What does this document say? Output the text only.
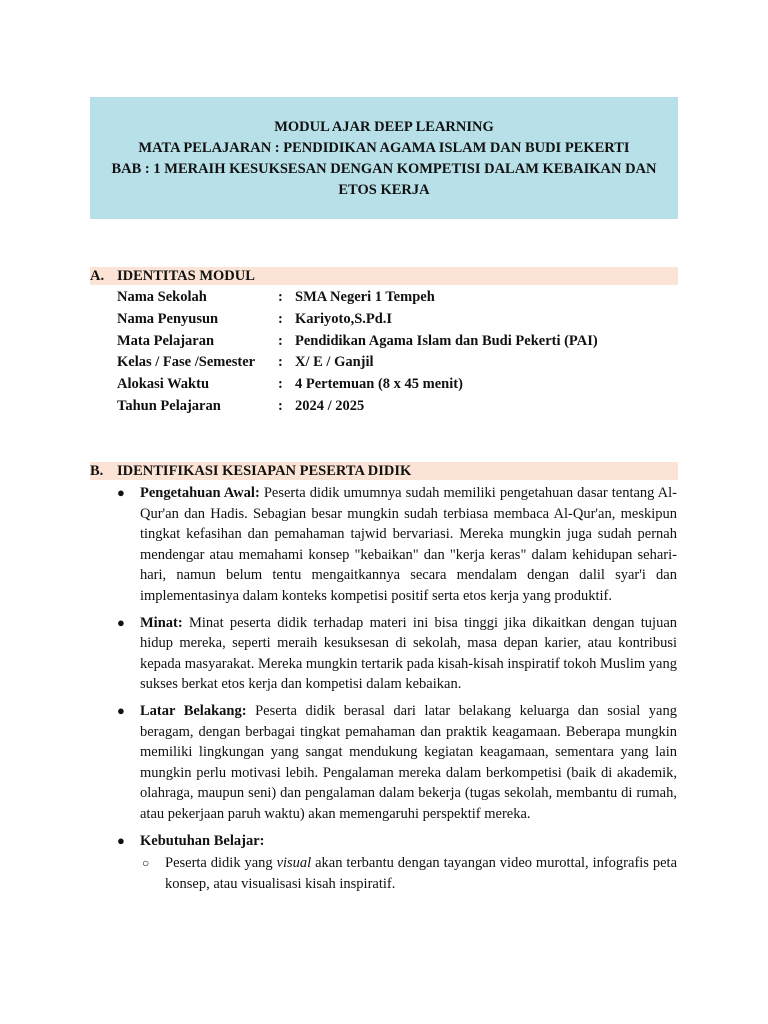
MODUL AJAR DEEP LEARNING
MATA PELAJARAN : PENDIDIKAN AGAMA ISLAM DAN BUDI PEKERTI
BAB : 1 MERAIH KESUKSESAN DENGAN KOMPETISI DALAM KEBAIKAN DAN ETOS KERJA
A. IDENTITAS MODUL
Nama Sekolah	: SMA Negeri 1 Tempeh
Nama Penyusun	: Kariyoto,S.Pd.I
Mata Pelajaran	: Pendidikan Agama Islam dan Budi Pekerti (PAI)
Kelas / Fase /Semester : X/ E / Ganjil
Alokasi Waktu	: 4 Pertemuan (8 x 45 menit)
Tahun Pelajaran	: 2024 / 2025
B. IDENTIFIKASI KESIAPAN PESERTA DIDIK
● Pengetahuan Awal: Peserta didik umumnya sudah memiliki pengetahuan dasar tentang Al-Qur'an dan Hadis. Sebagian besar mungkin sudah terbiasa membaca Al-Qur'an, meskipun tingkat kefasihan dan pemahaman tajwid bervariasi. Mereka mungkin juga sudah pernah mendengar atau memahami konsep "kebaikan" dan "kerja keras" dalam kehidupan sehari-hari, namun belum tentu mengaitkannya secara mendalam dengan dalil syar'i dan implementasinya dalam konteks kompetisi positif serta etos kerja yang produktif.
● Minat: Minat peserta didik terhadap materi ini bisa tinggi jika dikaitkan dengan tujuan hidup mereka, seperti meraih kesuksesan di sekolah, masa depan karier, atau kontribusi kepada masyarakat. Mereka mungkin tertarik pada kisah-kisah inspiratif tokoh Muslim yang sukses berkat etos kerja dan kompetisi dalam kebaikan.
● Latar Belakang: Peserta didik berasal dari latar belakang keluarga dan sosial yang beragam, dengan berbagai tingkat pemahaman dan praktik keagamaan. Beberapa mungkin memiliki lingkungan yang sangat mendukung kegiatan keagamaan, sementara yang lain mungkin perlu motivasi lebih. Pengalaman mereka dalam berkompetisi (baik di akademik, olahraga, maupun seni) dan pengalaman dalam bekerja (tugas sekolah, membantu di rumah, atau pekerjaan paruh waktu) akan memengaruhi perspektif mereka.
● Kebutuhan Belajar:
○ Peserta didik yang visual akan terbantu dengan tayangan video murottal, infografis peta konsep, atau visualisasi kisah inspiratif.
